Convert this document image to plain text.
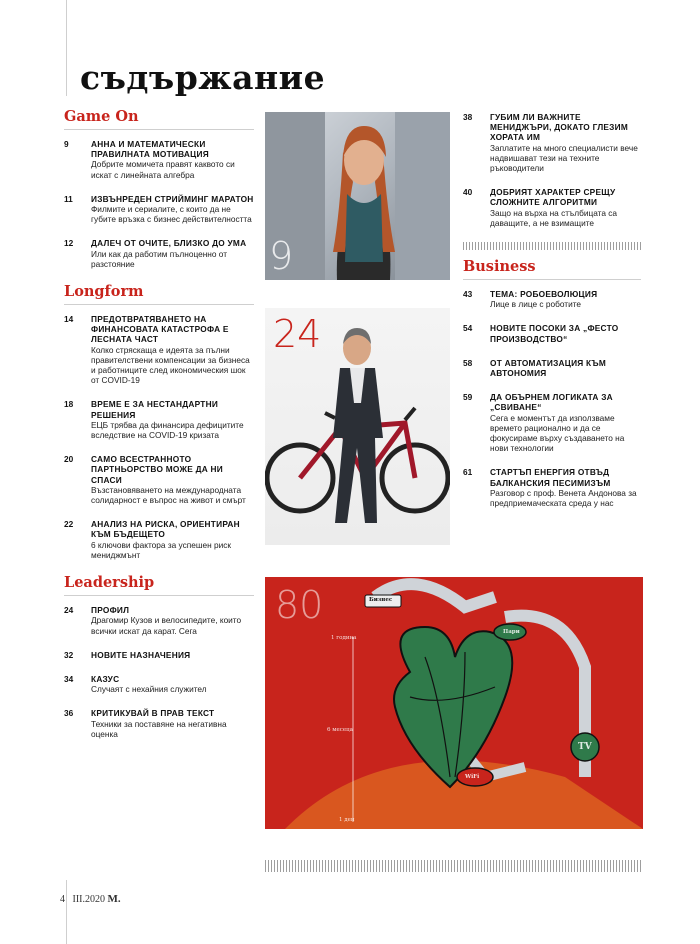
съдържание
Game On
9	АННА И МАТЕМАТИЧЕСКИ ПРАВИЛНАТА МОТИВАЦИЯ
Добрите момичета правят каквото си искат с линейната алгебра
11	ИЗВЪНРЕДЕН СТРИЙМИНГ МАРАТОН
Филмите и сериалите, с които да не губите връзка с бизнес действителността
12	ДАЛЕЧ ОТ ОЧИТЕ, БЛИЗКО ДО УМА
Или как да работим пълноценно от разстояние
Longform
14	ПРЕДОТВРАТЯВАНЕТО НА ФИНАНСОВАТА КАТАСТРОФА Е ЛЕСНАТА ЧАСТ
Колко стряскаща е идеята за пълни правителствени компенсации за бизнеса и работниците след икономическия шок от COVID-19
18	ВРЕМЕ Е ЗА НЕСТАНДАРТНИ РЕШЕНИЯ
ЕЦБ трябва да финансира дефицитите вследствие на COVID-19 кризата
20	САМО ВСЕСТРАННОТО ПАРТНЬОРСТВО МОЖЕ ДА НИ СПАСИ
Възстановяването на международната солидарност е въпрос на живот и смърт
22	АНАЛИЗ НА РИСКА, ОРИЕНТИРАН КЪМ БЪДЕЩЕТО
6 ключови фактора за успешен риск мениджмънт
Leadership
24	ПРОФИЛ
Драгомир Кузов и велосипедите, които всички искат да карат. Сега
32	НОВИТЕ НАЗНАЧЕНИЯ
34	КАЗУС
Случаят с нехайния служител
36	КРИТИКУВАЙ В ПРАВ ТЕКСТ
Техники за поставяне на негативна оценка
38	ГУБИМ ЛИ ВАЖНИТЕ МЕНИДЖЪРИ, ДОКАТО ГЛЕЗИМ ХОРАТА ИМ
Заплатите на много специалисти вече надвишават тези на техните ръководители
40	ДОБРИЯТ ХАРАКТЕР СРЕЩУ СЛОЖНИТЕ АЛГОРИТМИ
Защо на върха на стълбицата са даващите, а не взимащите
Business
43	ТЕМА: РОБОЕВОЛЮЦИЯ
Лице в лице с роботите
54	НОВИТЕ ПОСОКИ ЗА „ФЕСТО ПРОИЗВОДСТВО“
58	ОТ АВТОМАТИЗАЦИЯ КЪМ АВТОНОМИЯ
59	ДА ОБЪРНЕМ ЛОГИКАТА ЗА „СВИВАНЕ“
Сега е моментът да използваме времето рационално и да се фокусираме върху създаването на нови технологии
61	СТАРТЪП ЕНЕРГИЯ ОТВЪД БАЛКАНСКИЯ ПЕСИМИЗЪМ
Разговор с проф. Венета Андонова за предприемаческата среда у нас
9
24
80
1 година
6 месеца
1 ден
Бизнес
Пари
TV
WiFi
4 III.2020 M.
